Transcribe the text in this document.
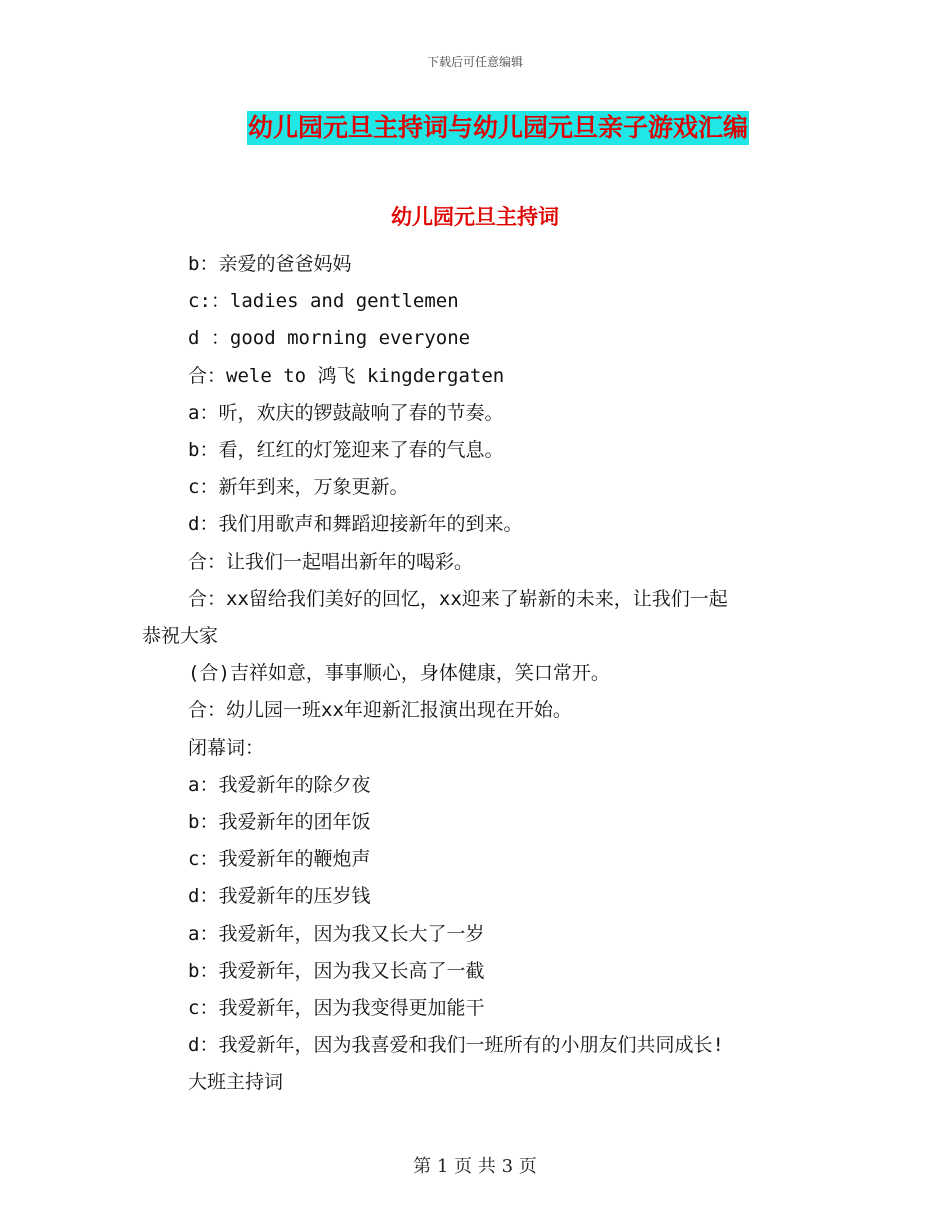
下载后可任意编辑
幼儿园元旦主持词与幼儿园元旦亲子游戏汇编
幼儿园元旦主持词
b：亲爱的爸爸妈妈
c:：ladies and gentlemen
d ：good morning everyone
合：wele to 鸿飞 kingdergaten
a：听，欢庆的锣鼓敲响了春的节奏。
b：看，红红的灯笼迎来了春的气息。
c：新年到来，万象更新。
d：我们用歌声和舞蹈迎接新年的到来。
合：让我们一起唱出新年的喝彩。
合：xx留给我们美好的回忆，xx迎来了崭新的未来，让我们一起
恭祝大家
(合)吉祥如意，事事顺心，身体健康，笑口常开。
合：幼儿园一班xx年迎新汇报演出现在开始。
闭幕词：
a：我爱新年的除夕夜
b：我爱新年的团年饭
c：我爱新年的鞭炮声
d：我爱新年的压岁钱
a：我爱新年，因为我又长大了一岁
b：我爱新年，因为我又长高了一截
c：我爱新年，因为我变得更加能干
d：我爱新年，因为我喜爱和我们一班所有的小朋友们共同成长!
大班主持词
第 1 页 共 3 页
